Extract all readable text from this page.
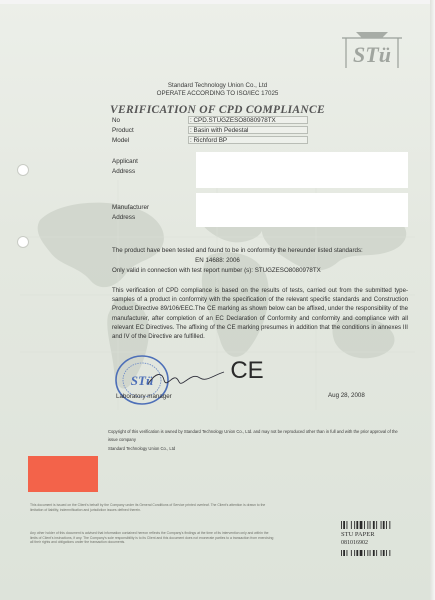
STü
Standard Technology Union Co., Ltd
OPERATE ACCORDING TO ISO/IEC 17025
VERIFICATION OF CPD COMPLIANCE
No	: CPD.STUGZESO8080978TX
Product	: Basin with Pedestal
Model	: Richford BP
Applicant
Address
Manufacturer
Address
The product have been tested and found to be in conformity the hereunder listed standards:
EN 14688: 2006
Only valid in connection with test report number (s): STUGZESO8080978TX
This verification of CPD compliance is based on the results of tests, carried out from the submitted type-samples of a product in conformity with the specification of the relevant specific standards and Construction Product Directive 89/106/EEC.The CE marking as shown below can be affixed, under the responsibility of the manufacturer, after completion of an EC Declaration of Conformity and conformity and compliance with all relevant EC Directives. The affixing of the CE marking presumes in addition that the conditions in annexes III and IV of the Directive are fulfilled.
STü
Laboratory manager
CE
Aug 28, 2008
Copyright of this verification is owned by Standard Technology Union Co., Ltd. and may not be reproduced other than in full and with the prior approval of the issue company
Standard Technology Union Co., Ltd
This document is issued on the Client's behalf by the Company under its General Conditions of Service printed overleaf. The Client's attention is drawn to the limitation of liability, indemnification and jurisdiction issues defined therein.
Any other holder of this document is advised that information contained hereon reflects the Company's findings at the time of its intervention only and within the limits of Client's instructions, if any. The Company's sole responsibility is to its Client and this document does not exonerate parties to a transaction from exercising all their rights and obligations under the transaction documents.
STU PAPER
081016902
